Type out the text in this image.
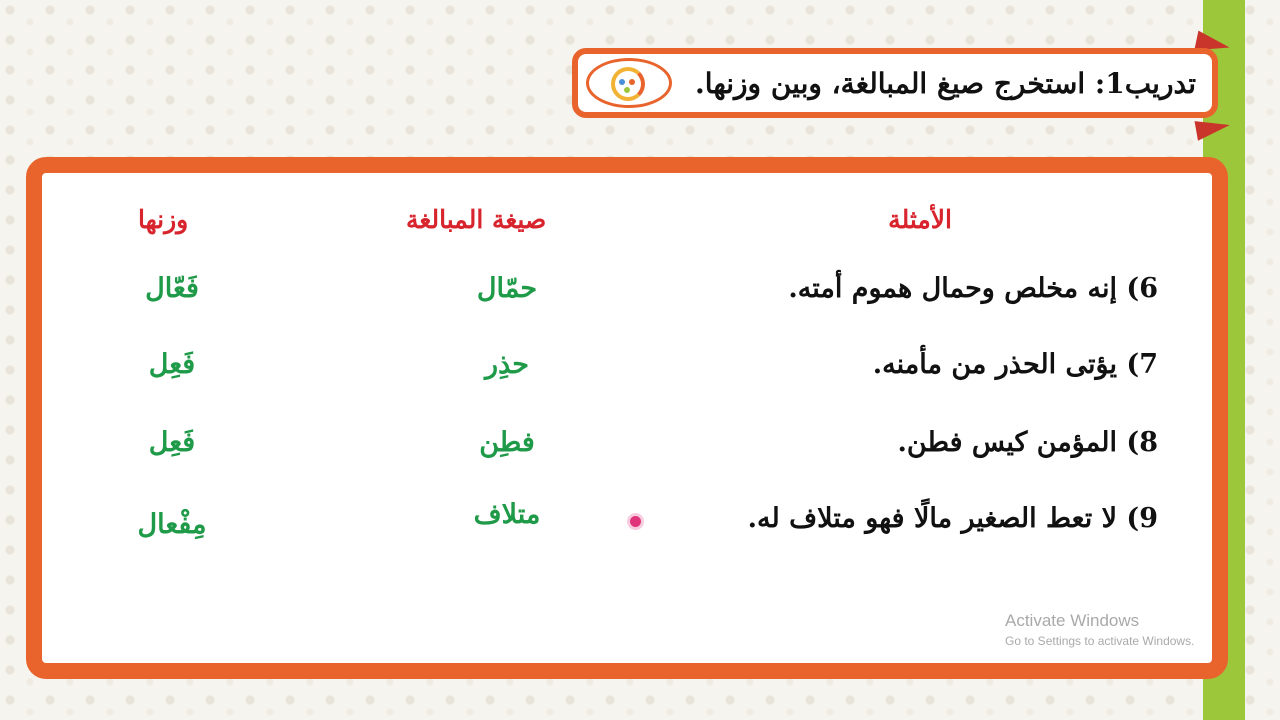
تدريب1: استخرج صيغ المبالغة، وبين وزنها.
الأمثلة
صيغة المبالغة
وزنها
6) إنه مخلص وحمال هموم أمته.
حمّال
فَعّال
7) يؤتى الحذر من مأمنه.
حذِر
فَعِل
8) المؤمن كيس فطن.
فطِن
فَعِل
9) لا تعط الصغير مالًا فهو متلاف له.
متلاف
مِفْعال
Activate Windows
Go to Settings to activate Windows.
